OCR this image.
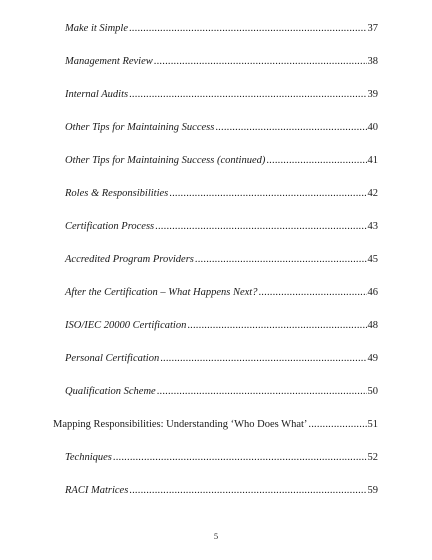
Make it Simple .....	37
Management Review .....	38
Internal Audits .....	39
Other Tips for Maintaining Success .....	40
Other Tips for Maintaining Success (continued) .....	41
Roles & Responsibilities .....	42
Certification Process .....	43
Accredited Program Providers .....	45
After the Certification – What Happens Next? .....	46
ISO/IEC 20000 Certification .....	48
Personal Certification .....	49
Qualification Scheme .....	50
Mapping Responsibilities: Understanding ‘Who Does What’ .....	51
Techniques .....	52
RACI Matrices .....	59
5
